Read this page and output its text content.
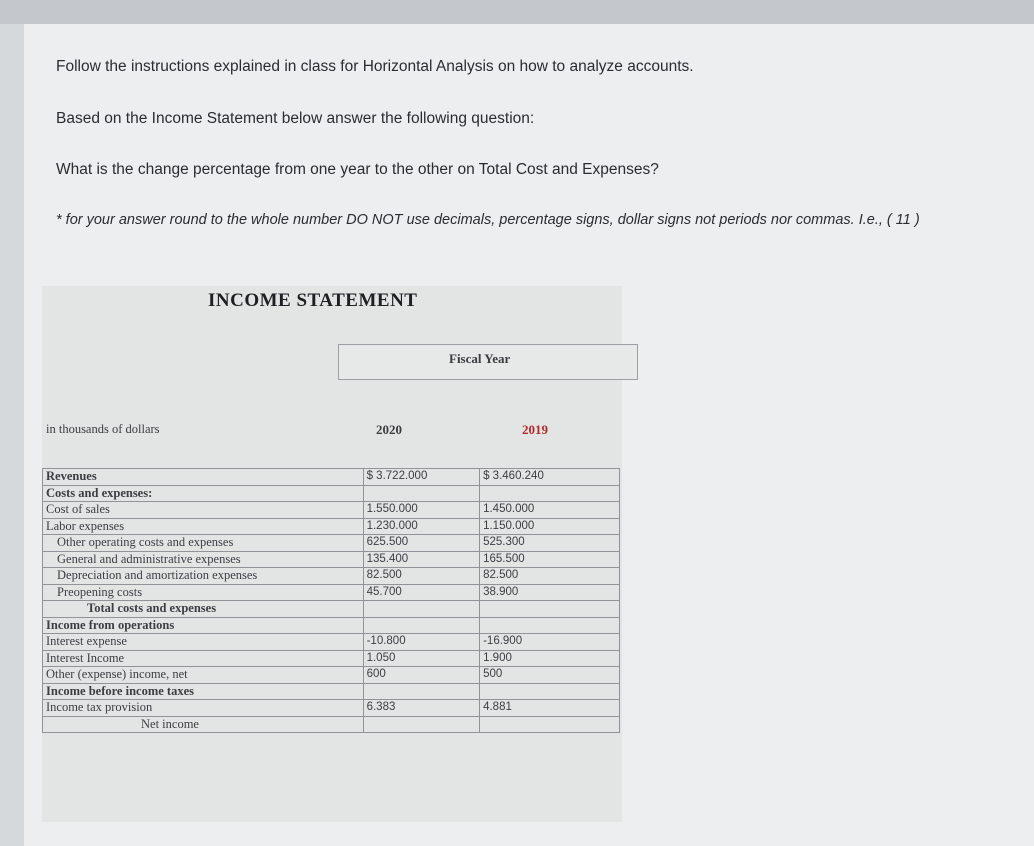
Follow the instructions explained in class for Horizontal Analysis on how to analyze accounts.
Based on the Income Statement below answer the following question:
What is the change percentage from one year to the other on Total Cost and Expenses?
* for your answer round to the whole number DO NOT use decimals, percentage signs, dollar signs not periods nor commas. I.e., ( 11 )
Fiscal Year
in thousands of dollars	2020	2019
Revenues	$ 3.722.000	$ 3.460.240
Costs and expenses:		
Cost of sales	1.550.000	1.450.000
Labor expenses	1.230.000	1.150.000
Other operating costs and expenses	625.500	525.300
General and administrative expenses	135.400	165.500
Depreciation and amortization expenses	82.500	82.500
Preopening costs	45.700	38.900
Total costs and expenses		
Income from operations		
Interest expense	-10.800	-16.900
Interest Income	1.050	1.900
Other (expense) income, net	600	500
Income before income taxes		
Income tax provision	6.383	4.881
Net income		
INCOME STATEMENT
